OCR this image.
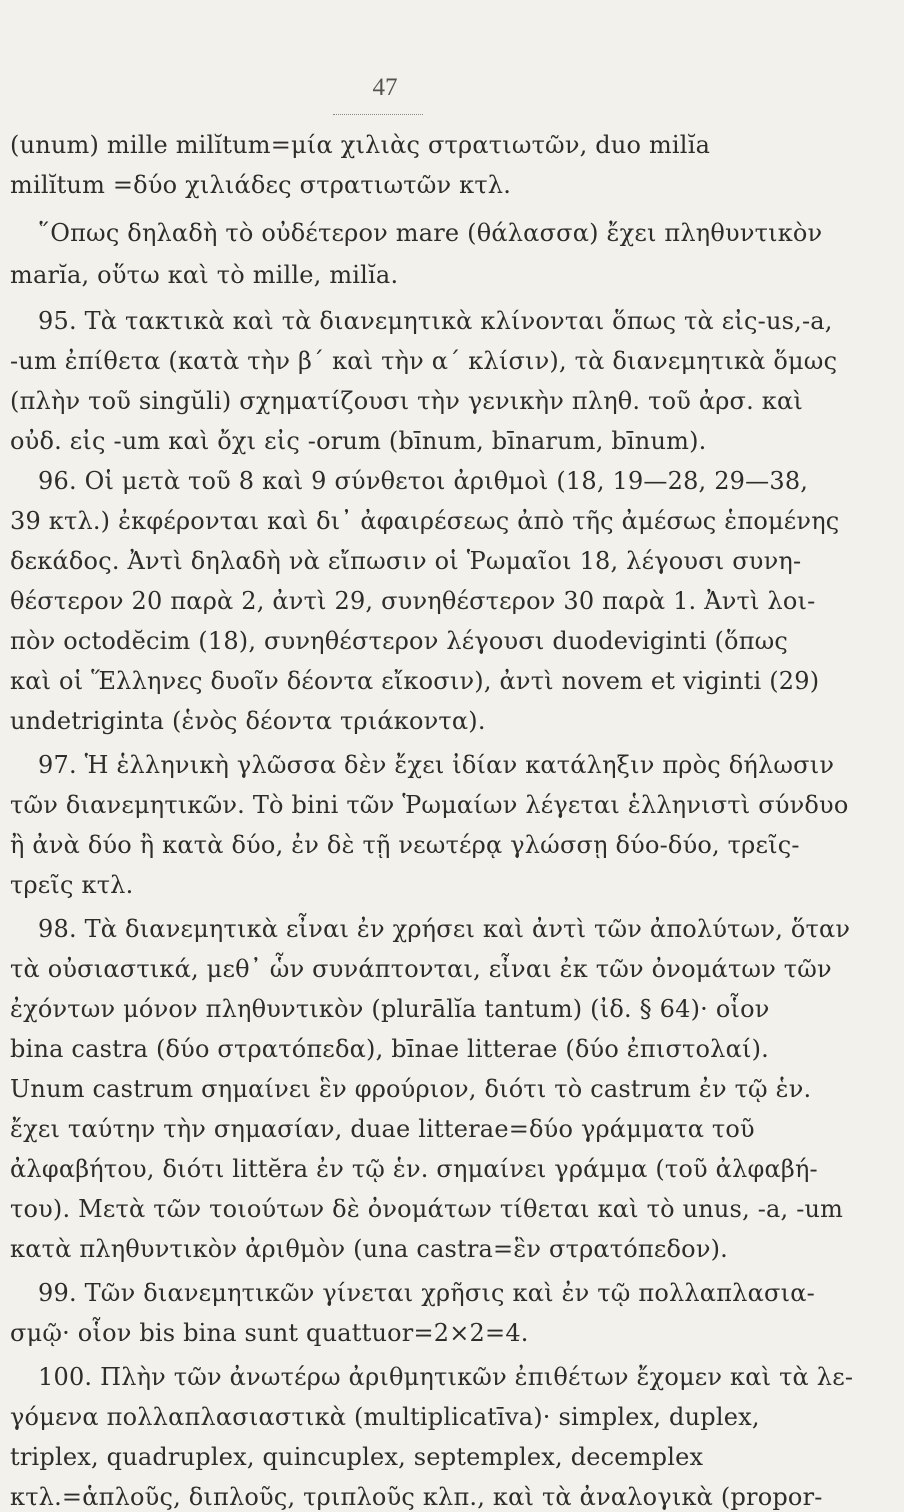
47
(unum) mille milĭtum=μία χιλιὰς στρατιωτῶν, duo milĭa
milĭtum =δύο χιλιάδες στρατιωτῶν κτλ.
῞Οπως δηλαδὴ τὸ οὐδέτερον mare (θάλασσα) ἔχει πληθυντικὸν
marĭa, οὕτω καὶ τὸ mille, milĭa.
95. Τὰ τακτικὰ καὶ τὰ διανεμητικὰ κλίνονται ὅπως τὰ εἰς-us,-a,
-um ἐπίθετα (κατὰ τὴν β΄ καὶ τὴν α΄ κλίσιν), τὰ διανεμητικὰ ὅμως
(πλὴν τοῦ singŭli) σχηματίζουσι τὴν γενικὴν πληθ. τοῦ ἀρσ. καὶ
οὐδ. εἰς -um καὶ ὄχι εἰς -orum (bīnum, bīnarum, bīnum).
96. Οἱ μετὰ τοῦ 8 καὶ 9 σύνθετοι ἀριθμοὶ (18, 19—28, 29—38,
39 κτλ.) ἐκφέρονται καὶ δι᾽ ἀφαιρέσεως ἀπὸ τῆς ἀμέσως ἑπομένης
δεκάδος. Ἀντὶ δηλαδὴ νὰ εἴπωσιν οἱ Ῥωμαῖοι 18, λέγουσι συνη-
θέστερον 20 παρὰ 2, ἀντὶ 29, συνηθέστερον 30 παρὰ 1. Ἀντὶ λοι-
πὸν octodĕcim (18), συνηθέστερον λέγουσι duodeviginti (ὅπως
καὶ οἱ Ἕλληνες δυοῖν δέοντα εἴκοσιν), ἀντὶ novem et viginti (29)
undetriginta (ἑνὸς δέοντα τριάκοντα).
97. Ἡ ἑλληνικὴ γλῶσσα δὲν ἔχει ἰδίαν κατάληξιν πρὸς δήλωσιν
τῶν διανεμητικῶν. Τὸ bini τῶν Ῥωμαίων λέγεται ἑλληνιστὶ σύνδυο
ἢ ἀνὰ δύο ἢ κατὰ δύο, ἐν δὲ τῇ νεωτέρᾳ γλώσσῃ δύο-δύο, τρεῖς-
τρεῖς κτλ.
98. Τὰ διανεμητικὰ εἶναι ἐν χρήσει καὶ ἀντὶ τῶν ἀπολύτων, ὅταν
τὰ οὐσιαστικά, μεθ᾽ ὧν συνάπτονται, εἶναι ἐκ τῶν ὀνομάτων τῶν
ἐχόντων μόνον πληθυντικὸν (plurālĭa tantum) (ἰδ. § 64)· οἷον
bina castra (δύο στρατόπεδα), bīnae litterae (δύο ἐπιστολαί).
Unum castrum σημαίνει ἓν φρούριον, διότι τὸ castrum ἐν τῷ ἑν.
ἔχει ταύτην τὴν σημασίαν, duae litterae=δύο γράμματα τοῦ
ἀλφαβήτου, διότι littĕra ἐν τῷ ἑν. σημαίνει γράμμα (τοῦ ἀλφαβή-
του). Μετὰ τῶν τοιούτων δὲ ὀνομάτων τίθεται καὶ τὸ unus, -a, -um
κατὰ πληθυντικὸν ἀριθμὸν (una castra=ἓν στρατόπεδον).
99. Τῶν διανεμητικῶν γίνεται χρῆσις καὶ ἐν τῷ πολλαπλασια-
σμῷ· οἷον bis bina sunt quattuor=2×2=4.
100. Πλὴν τῶν ἀνωτέρω ἀριθμητικῶν ἐπιθέτων ἔχομεν καὶ τὰ λε-
γόμενα πολλαπλασιαστικὰ (multiplicatīva)· simplex, duplex,
triplex, quadruplex, quincuplex, septemplex, decemplex
κτλ.=ἁπλοῦς, διπλοῦς, τριπλοῦς κλπ., καὶ τὰ ἀναλογικὰ (propor-
